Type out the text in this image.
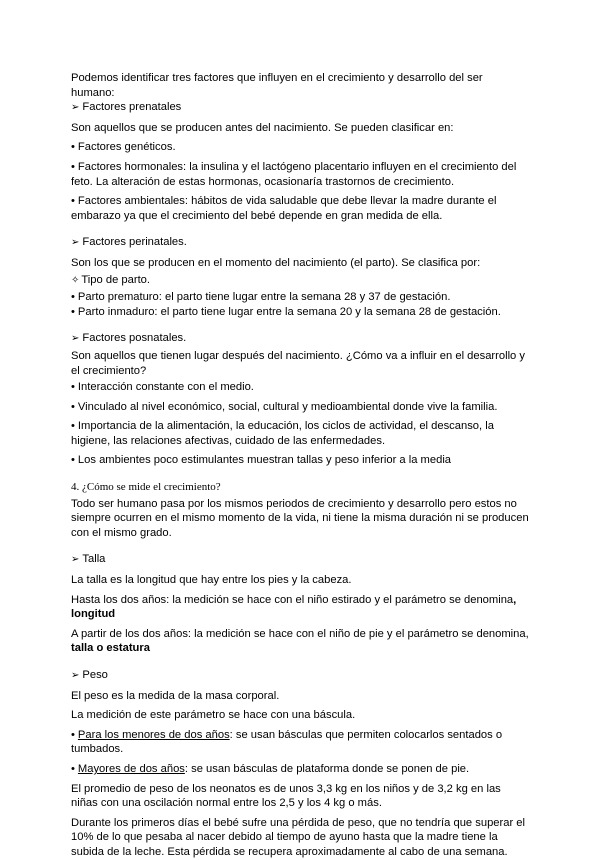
Podemos identificar tres factores que influyen en el crecimiento y desarrollo del ser humano:

➢ Factores prenatales

Son aquellos que se producen antes del nacimiento. Se pueden clasificar en:

• Factores genéticos.

• Factores hormonales: la insulina y el lactógeno placentario influyen en el crecimiento del feto. La alteración de estas hormonas, ocasionaría trastornos de crecimiento.

• Factores ambientales: hábitos de vida saludable que debe llevar la madre durante el embarazo ya que el crecimiento del bebé depende en gran medida de ella.

➢ Factores perinatales.

Son los que se producen en el momento del nacimiento (el parto). Se clasifica por:

✧ Tipo de parto.

• Parto prematuro: el parto tiene lugar entre la semana 28 y 37 de gestación.

• Parto inmaduro: el parto tiene lugar entre la semana 20 y la semana 28 de gestación.

➢ Factores posnatales.

Son aquellos que tienen lugar después del nacimiento. ¿Cómo va a influir en el desarrollo y el crecimiento?

• Interacción constante con el medio.

• Vinculado al nivel económico, social, cultural y medioambiental donde vive la familia.

• Importancia de la alimentación, la educación, los ciclos de actividad, el descanso, la higiene, las relaciones afectivas, cuidado de las enfermedades.

• Los ambientes poco estimulantes muestran tallas y peso inferior a la media

4. ¿Cómo se mide el crecimiento?

Todo ser humano pasa por los mismos periodos de crecimiento y desarrollo pero estos no siempre ocurren en el mismo momento de la vida, ni tiene la misma duración ni se producen con el mismo grado.

➢ Talla

La talla es la longitud que hay entre los pies y la cabeza.

Hasta los dos años: la medición se hace con el niño estirado y el parámetro se denomina, longitud

A partir de los dos años: la medición se hace con el niño de pie y el parámetro se denomina, talla o estatura

➢ Peso

El peso es la medida de la masa corporal.

La medición de este parámetro se hace con una báscula.

• Para los menores de dos años: se usan básculas que permiten colocarlos sentados o tumbados.

• Mayores de dos años: se usan básculas de plataforma donde se ponen de pie.

El promedio de peso de los neonatos es de unos 3,3 kg en los niños y de 3,2 kg en las niñas con una oscilación normal entre los 2,5 y los 4 kg o más.

Durante los primeros días el bebé sufre una pérdida de peso, que no tendría que superar el 10% de lo que pesaba al nacer debido al tiempo de ayuno hasta que la madre tiene la subida de la leche. Esta pérdida se recupera aproximadamente al cabo de una semana.
